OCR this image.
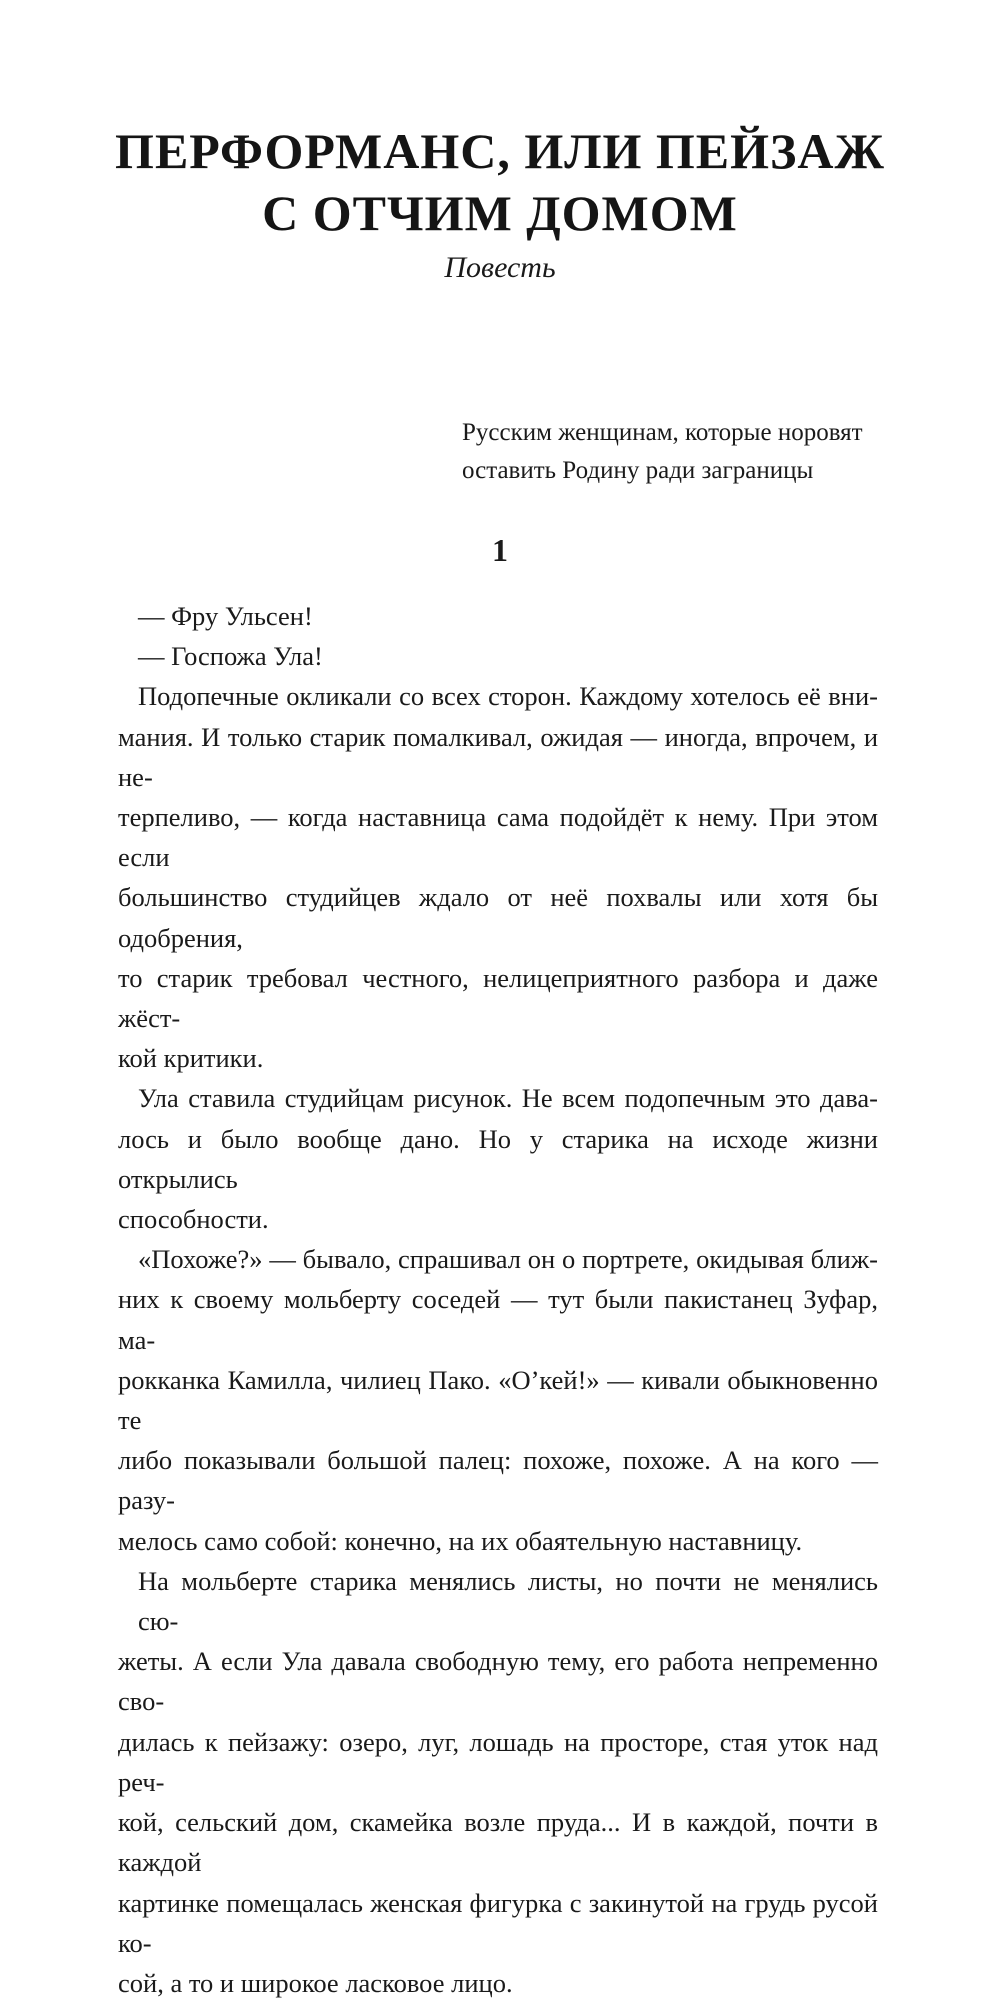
ПЕРФОРМАНС, ИЛИ ПЕЙЗАЖ
С ОТЧИМ ДОМОМ

Повесть

Русским женщинам, которые норовят
оставить Родину ради заграницы

1

— Фру Ульсен!

— Госпожа Ула!

Подопечные окликали со всех сторон. Каждому хотелось её вни-
мания. И только старик помалкивал, ожидая — иногда, впрочем, и не-
терпеливо, — когда наставница сама подойдёт к нему. При этом если
большинство студийцев ждало от неё похвалы или хотя бы одобрения,
то старик требовал честного, нелицеприятного разбора и даже жёст-
кой критики.

Ула ставила студийцам рисунок. Не всем подопечным это дава-
лось и было вообще дано. Но у старика на исходе жизни открылись
способности.

«Похоже?» — бывало, спрашивал он о портрете, окидывая ближ-
них к своему мольберту соседей — тут были пакистанец Зуфар, ма-
рокканка Камилла, чилиец Пако. «О’кей!» — кивали обыкновенно те
либо показывали большой палец: похоже, похоже. А на кого — разу-
мелось само собой: конечно, на их обаятельную наставницу.

На мольберте старика менялись листы, но почти не менялись сю-
жеты. А если Ула давала свободную тему, его работа непременно сво-
дилась к пейзажу: озеро, луг, лошадь на просторе, стая уток над реч-
кой, сельский дом, скамейка возле пруда... И в каждой, почти в каждой
картинке помещалась женская фигурка с закинутой на грудь русой ко-
сой, а то и широкое ласковое лицо.
